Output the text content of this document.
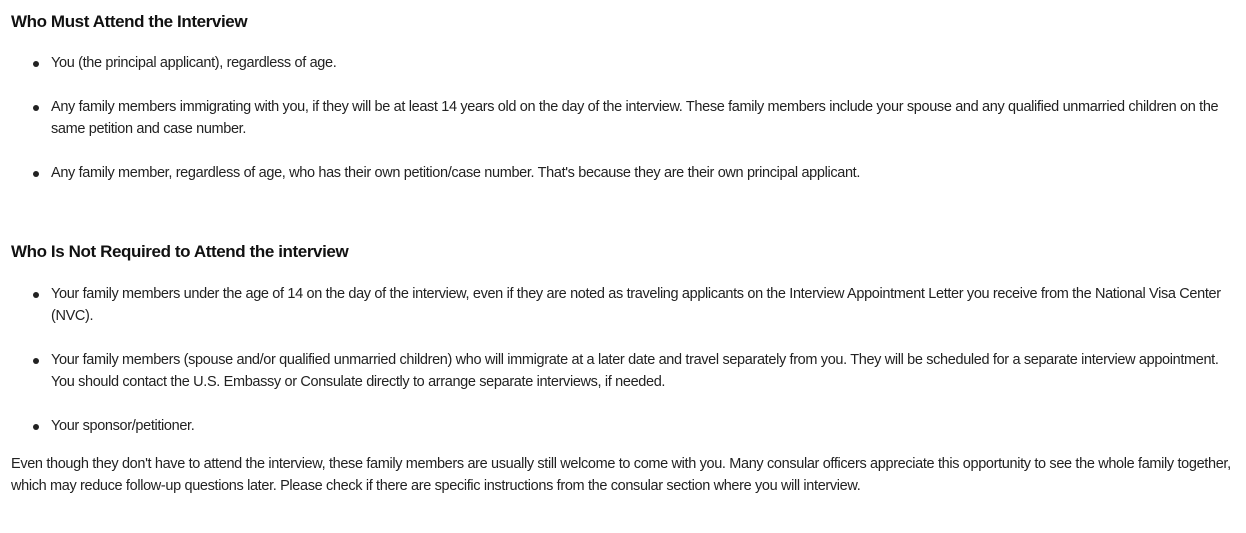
Who Must Attend the Interview
You (the principal applicant), regardless of age.
Any family members immigrating with you, if they will be at least 14 years old on the day of the interview. These family members include your spouse and any qualified unmarried children on the same petition and case number.
Any family member, regardless of age, who has their own petition/case number. That's because they are their own principal applicant.
Who Is Not Required to Attend the interview
Your family members under the age of 14 on the day of the interview, even if they are noted as traveling applicants on the Interview Appointment Letter you receive from the National Visa Center (NVC).
Your family members (spouse and/or qualified unmarried children) who will immigrate at a later date and travel separately from you. They will be scheduled for a separate interview appointment. You should contact the U.S. Embassy or Consulate directly to arrange separate interviews, if needed.
Your sponsor/petitioner.

Even though they don't have to attend the interview, these family members are usually still welcome to come with you. Many consular officers appreciate this opportunity to see the whole family together, which may reduce follow-up questions later. Please check if there are specific instructions from the consular section where you will interview.
